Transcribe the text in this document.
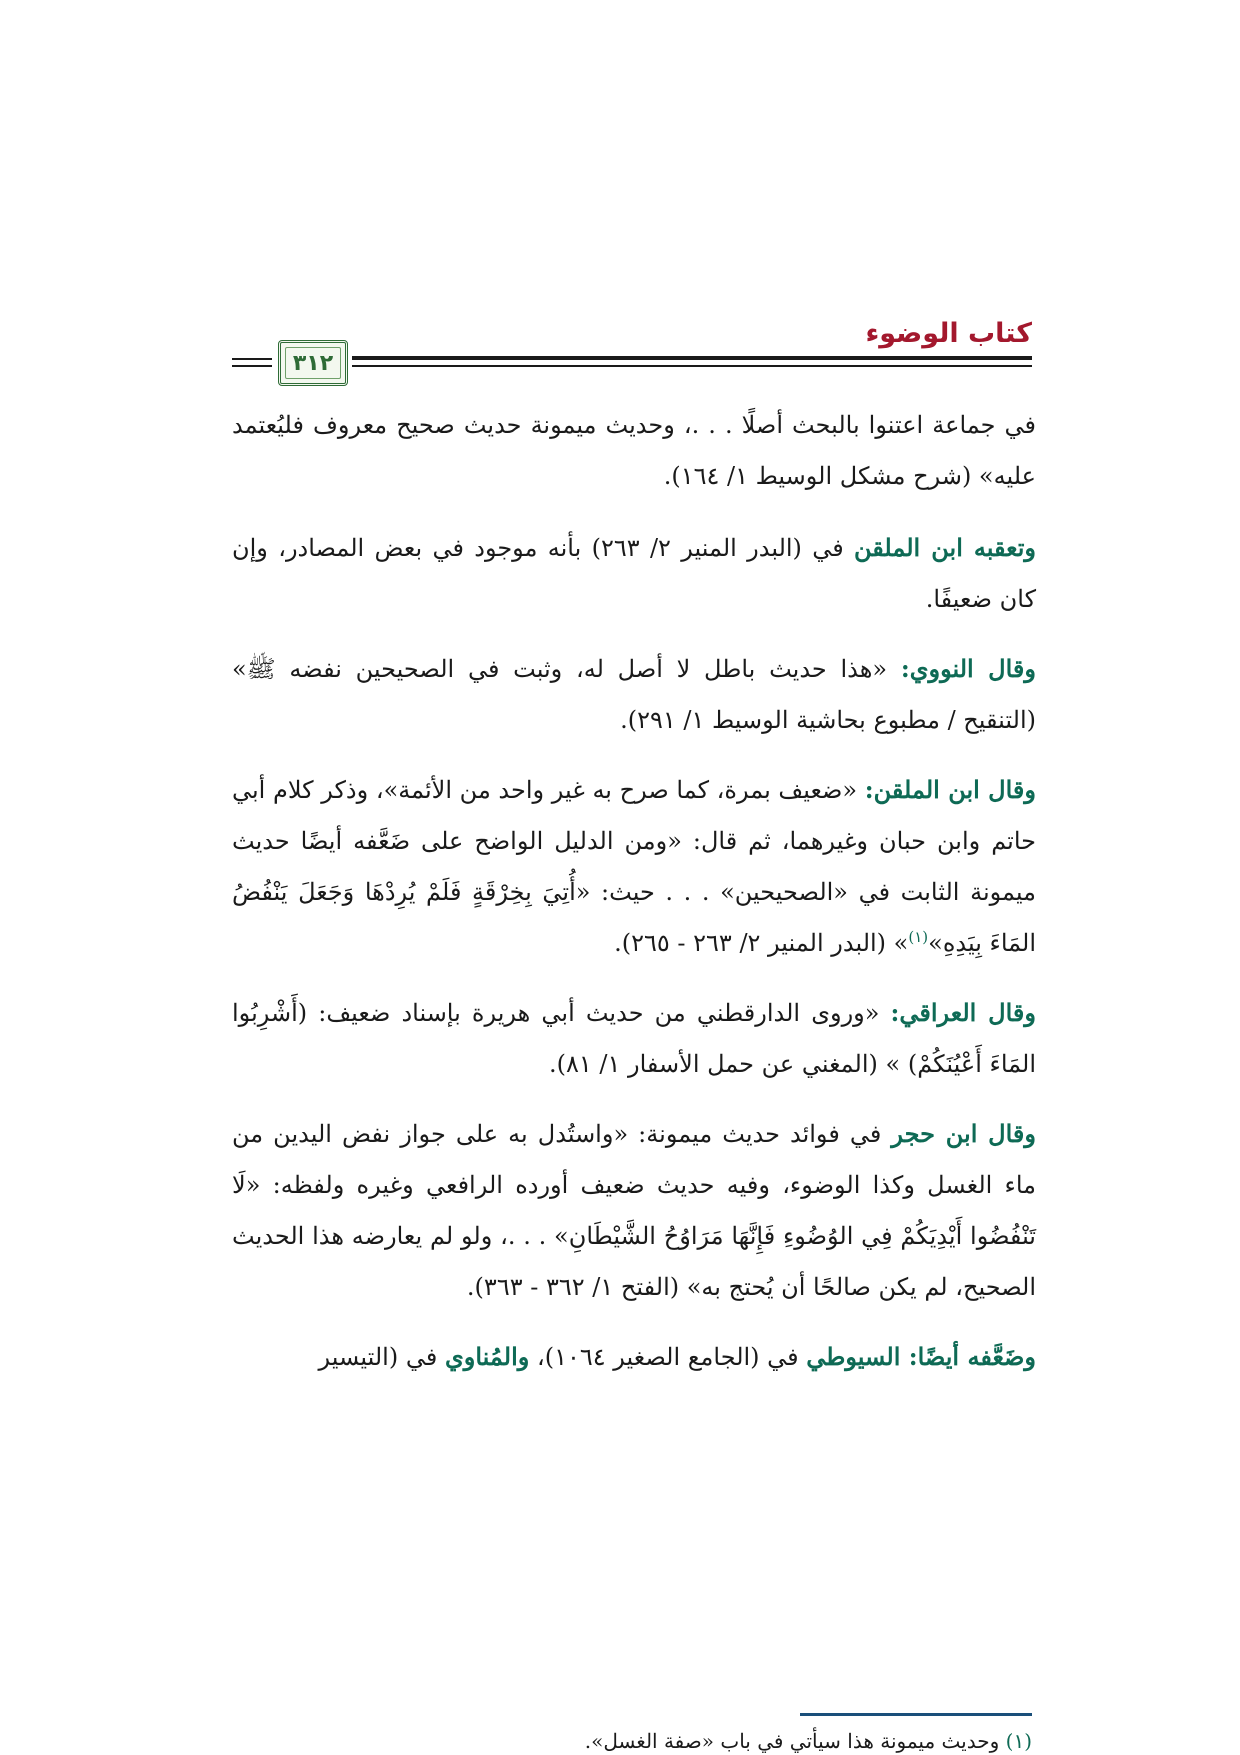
كتاب الوضوء
٣١٢

في جماعة اعتنوا بالبحث أصلًا . . .، وحديث ميمونة حديث صحيح معروف فليُعتمد عليه» (شرح مشكل الوسيط ١/ ١٦٤).

وتعقبه ابن الملقن في (البدر المنير ٢/ ٢٦٣) بأنه موجود في بعض المصادر، وإن كان ضعيفًا.

وقال النووي: «هذا حديث باطل لا أصل له، وثبت في الصحيحين نفضه ﷺ» (التنقيح / مطبوع بحاشية الوسيط ١/ ٢٩١).

وقال ابن الملقن: «ضعيف بمرة، كما صرح به غير واحد من الأئمة»، وذكر كلام أبي حاتم وابن حبان وغيرهما، ثم قال: «ومن الدليل الواضح على ضَعَّفه أيضًا حديث ميمونة الثابت في «الصحيحين» . . . حيث: «أُتِيَ بِخِرْقَةٍ فَلَمْ يُرِدْهَا وَجَعَلَ يَنْفُضُ المَاءَ بِيَدِهِ»$^{(١)}$» (البدر المنير ٢/ ٢٦٣ - ٢٦٥).

وقال العراقي: «وروى الدارقطني من حديث أبي هريرة بإسناد ضعيف: (أَشْرِبُوا المَاءَ أَعْيُنَكُمْ) » (المغني عن حمل الأسفار ١/ ٨١).

وقال ابن حجر في فوائد حديث ميمونة: «واستُدل به على جواز نفض اليدين من ماء الغسل وكذا الوضوء، وفيه حديث ضعيف أورده الرافعي وغيره ولفظه: «لَا تَنْفُضُوا أَيْدِيَكُمْ فِي الوُضُوءِ فَإِنَّهَا مَرَاوُحُ الشَّيْطَانِ» . . .، ولو لم يعارضه هذا الحديث الصحيح، لم يكن صالحًا أن يُحتج به» (الفتح ١/ ٣٦٢ - ٣٦٣).

وضَعَّفه أيضًا: السيوطي في (الجامع الصغير ١٠٦٤)، والمُناوي في (التيسير

(١) وحديث ميمونة هذا سيأتي في باب «صفة الغسل».
